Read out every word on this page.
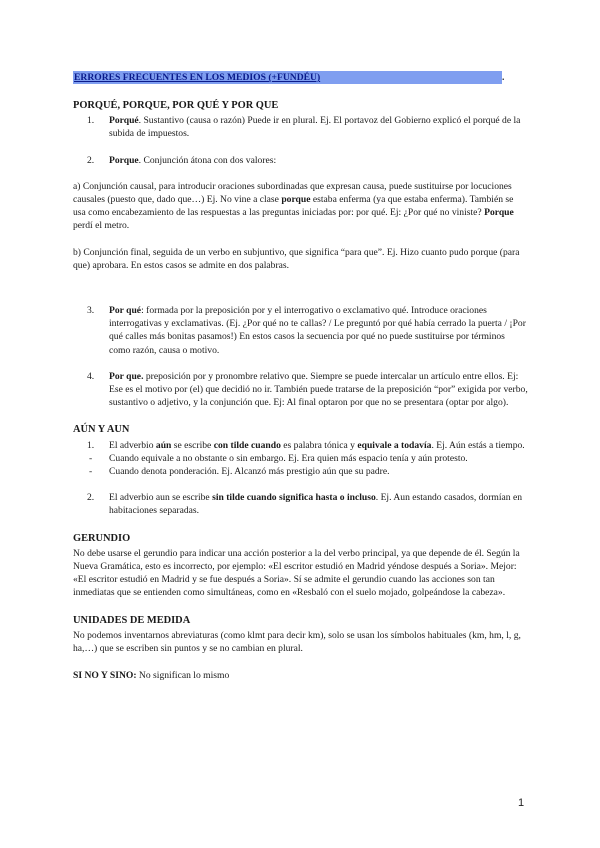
ERRORES FRECUENTES EN LOS MEDIOS (+FUNDÉU)	.
PORQUÉ, PORQUE, POR QUÉ Y POR QUE
1.	Porqué. Sustantivo (causa o razón) Puede ir en plural. Ej. El portavoz del Gobierno explicó el porqué de la subida de impuestos.
2.	Porque. Conjunción átona con dos valores:

a) Conjunción causal, para introducir oraciones subordinadas que expresan causa, puede sustituirse por locuciones causales (puesto que, dado que…) Ej. No vine a clase porque estaba enferma (ya que estaba enferma). También se usa como encabezamiento de las respuestas a las preguntas iniciadas por: por qué. Ej: ¿Por qué no viniste? Porque perdí el metro.

b) Conjunción final, seguida de un verbo en subjuntivo, que significa “para que”. Ej. Hizo cuanto pudo porque (para que) aprobara. En estos casos se admite en dos palabras.

3.	Por qué: formada por la preposición por y el interrogativo o exclamativo qué. Introduce oraciones interrogativas y exclamativas. (Ej. ¿Por qué no te callas? / Le preguntó por qué había cerrado la puerta / ¡Por qué calles más bonitas pasamos!) En estos casos la secuencia por qué no puede sustituirse por términos como razón, causa o motivo.
4.	Por que. preposición por y pronombre relativo que. Siempre se puede intercalar un artículo entre ellos. Ej: Ese es el motivo por (el) que decidió no ir. También puede tratarse de la preposición “por” exigida por verbo, sustantivo o adjetivo, y la conjunción que. Ej: Al final optaron por que no se presentara (optar por algo).
AÚN Y AUN
1.	El adverbio aún se escribe con tilde cuando es palabra tónica y equivale a todavía. Ej. Aún estás a tiempo.
-	Cuando equivale a no obstante o sin embargo. Ej. Era quien más espacio tenía y aún protesto.
-	Cuando denota ponderación. Ej. Alcanzó más prestigio aún que su padre.
2.	El adverbio aun se escribe sin tilde cuando significa hasta o incluso. Ej. Aun estando casados, dormían en habitaciones separadas.
GERUNDIO

No debe usarse el gerundio para indicar una acción posterior a la del verbo principal, ya que depende de él. Según la Nueva Gramática, esto es incorrecto, por ejemplo: «El escritor estudió en Madrid yéndose después a Soria». Mejor: «El escritor estudió en Madrid y se fue después a Soria». Sí se admite el gerundio cuando las acciones son tan inmediatas que se entienden como simultáneas, como en «Resbaló con el suelo mojado, golpeándose la cabeza».

UNIDADES DE MEDIDA

No podemos inventarnos abreviaturas (como klmt para decir km), solo se usan los símbolos habituales (km, hm, l, g, ha,…) que se escriben sin puntos y se no cambian en plural.

SI NO Y SINO: No significan lo mismo

1
